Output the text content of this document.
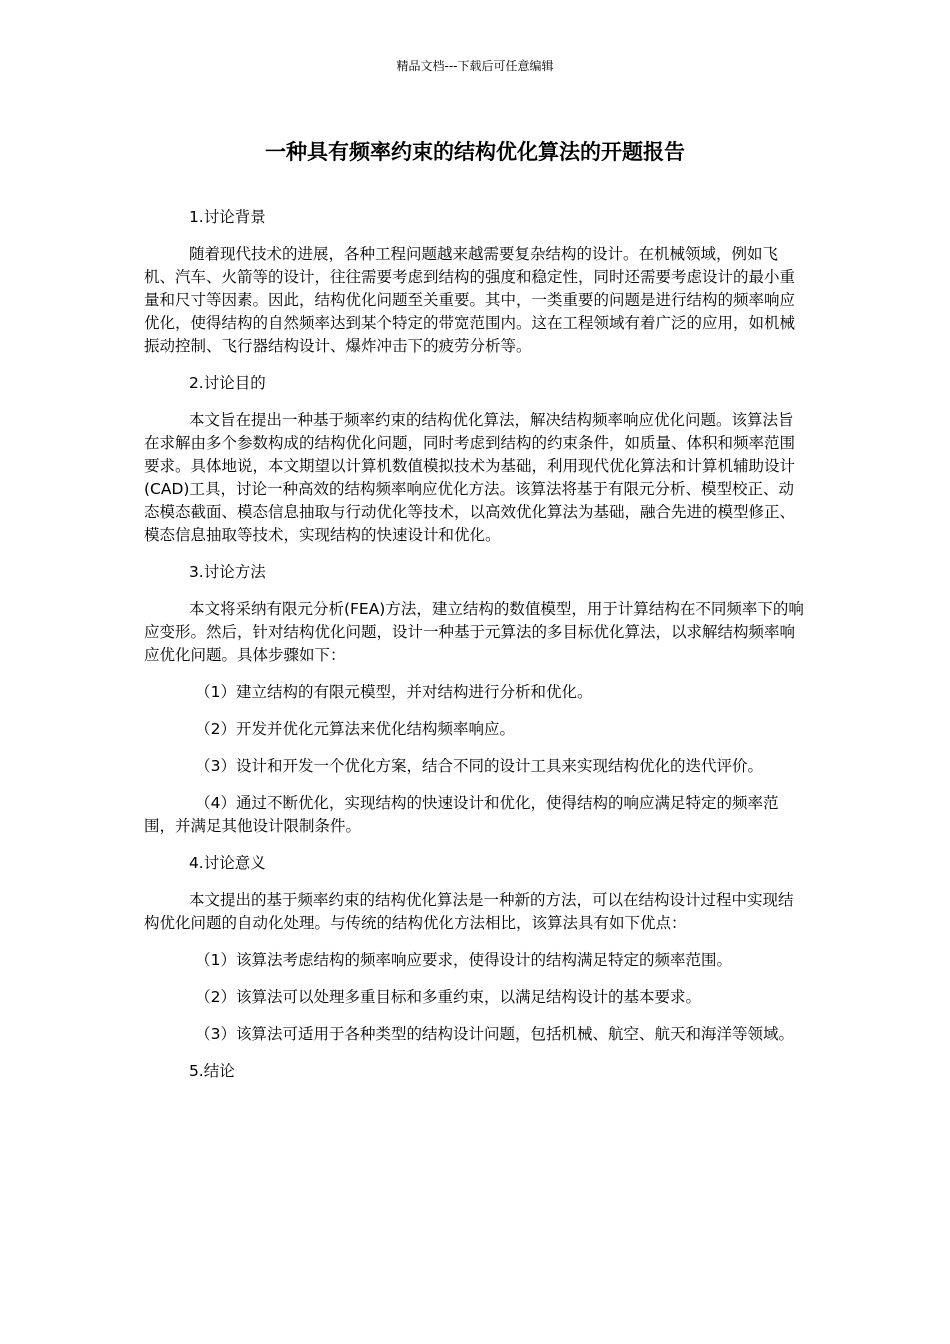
精品文档---下载后可任意编辑
一种具有频率约束的结构优化算法的开题报告

1.讨论背景

随着现代技术的进展，各种工程问题越来越需要复杂结构的设计。在机械领域，例如飞机、汽车、火箭等的设计，往往需要考虑到结构的强度和稳定性，同时还需要考虑设计的最小重量和尺寸等因素。因此，结构优化问题至关重要。其中，一类重要的问题是进行结构的频率响应优化，使得结构的自然频率达到某个特定的带宽范围内。这在工程领域有着广泛的应用，如机械振动控制、飞行器结构设计、爆炸冲击下的疲劳分析等。

2.讨论目的

本文旨在提出一种基于频率约束的结构优化算法，解决结构频率响应优化问题。该算法旨在求解由多个参数构成的结构优化问题，同时考虑到结构的约束条件，如质量、体积和频率范围要求。具体地说，本文期望以计算机数值模拟技术为基础，利用现代优化算法和计算机辅助设计(CAD)工具，讨论一种高效的结构频率响应优化方法。该算法将基于有限元分析、模型校正、动态模态截面、模态信息抽取与行动优化等技术，以高效优化算法为基础，融合先进的模型修正、模态信息抽取等技术，实现结构的快速设计和优化。

3.讨论方法

本文将采纳有限元分析(FEA)方法，建立结构的数值模型，用于计算结构在不同频率下的响应变形。然后，针对结构优化问题，设计一种基于元算法的多目标优化算法，以求解结构频率响应优化问题。具体步骤如下：

（1）建立结构的有限元模型，并对结构进行分析和优化。

（2）开发并优化元算法来优化结构频率响应。

（3）设计和开发一个优化方案，结合不同的设计工具来实现结构优化的迭代评价。

（4）通过不断优化，实现结构的快速设计和优化，使得结构的响应满足特定的频率范围，并满足其他设计限制条件。

4.讨论意义

本文提出的基于频率约束的结构优化算法是一种新的方法，可以在结构设计过程中实现结构优化问题的自动化处理。与传统的结构优化方法相比，该算法具有如下优点：

（1）该算法考虑结构的频率响应要求，使得设计的结构满足特定的频率范围。

（2）该算法可以处理多重目标和多重约束，以满足结构设计的基本要求。

（3）该算法可适用于各种类型的结构设计问题，包括机械、航空、航天和海洋等领域。

5.结论
